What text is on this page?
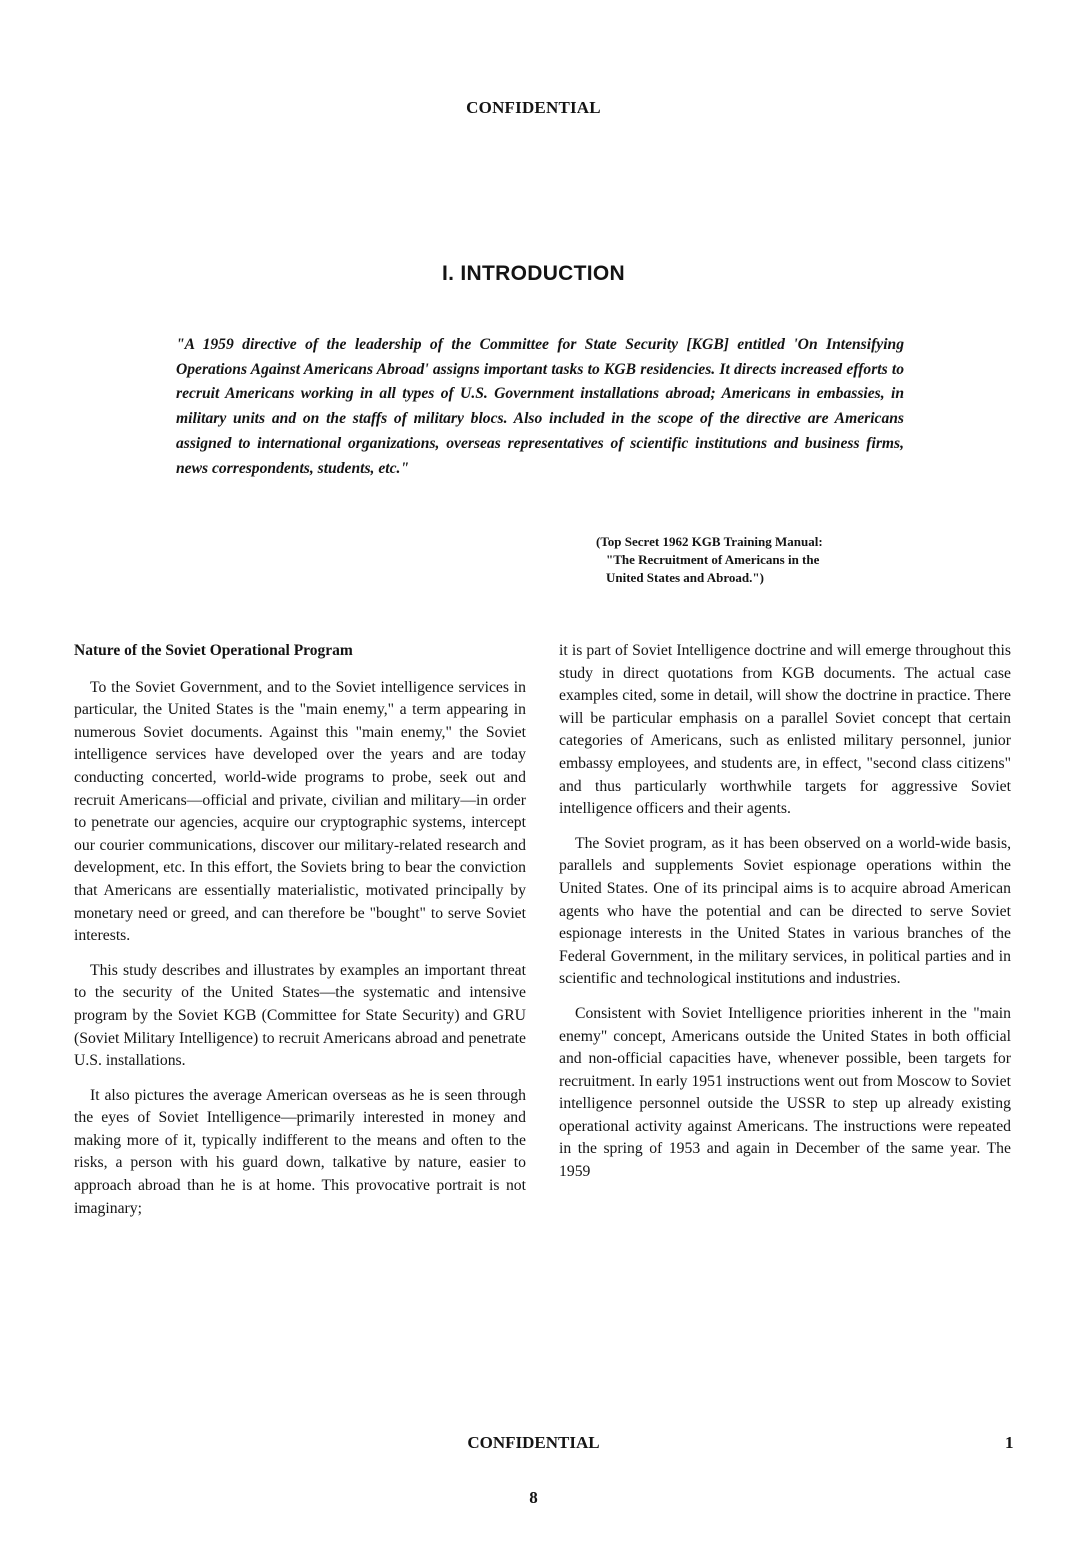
CONFIDENTIAL
I. INTRODUCTION

"A 1959 directive of the leadership of the Committee for State Security [KGB] entitled 'On Intensifying Operations Against Americans Abroad' assigns important tasks to KGB residencies. It directs increased efforts to recruit Americans working in all types of U.S. Government installations abroad; Americans in embassies, in military units and on the staffs of military blocs. Also included in the scope of the directive are Americans assigned to international organizations, overseas representatives of scientific institutions and business firms, news correspondents, students, etc."

(Top Secret 1962 KGB Training Manual:
"The Recruitment of Americans in the
United States and Abroad.")
Nature of the Soviet Operational Program

To the Soviet Government, and to the Soviet intelligence services in particular, the United States is the "main enemy," a term appearing in numerous Soviet documents. Against this "main enemy," the Soviet intelligence services have developed over the years and are today conducting concerted, world-wide programs to probe, seek out and recruit Americans—official and private, civilian and military—in order to penetrate our agencies, acquire our cryptographic systems, intercept our courier communications, discover our military-related research and development, etc. In this effort, the Soviets bring to bear the conviction that Americans are essentially materialistic, motivated principally by monetary need or greed, and can therefore be "bought" to serve Soviet interests.

This study describes and illustrates by examples an important threat to the security of the United States—the systematic and intensive program by the Soviet KGB (Committee for State Security) and GRU (Soviet Military Intelligence) to recruit Americans abroad and penetrate U.S. installations.

It also pictures the average American overseas as he is seen through the eyes of Soviet Intelligence—primarily interested in money and making more of it, typically indifferent to the means and often to the risks, a person with his guard down, talkative by nature, easier to approach abroad than he is at home. This provocative portrait is not imaginary;

it is part of Soviet Intelligence doctrine and will emerge throughout this study in direct quotations from KGB documents. The actual case examples cited, some in detail, will show the doctrine in practice. There will be particular emphasis on a parallel Soviet concept that certain categories of Americans, such as enlisted military personnel, junior embassy employees, and students are, in effect, "second class citizens" and thus particularly worthwhile targets for aggressive Soviet intelligence officers and their agents.

The Soviet program, as it has been observed on a world-wide basis, parallels and supplements Soviet espionage operations within the United States. One of its principal aims is to acquire abroad American agents who have the potential and can be directed to serve Soviet espionage interests in the United States in various branches of the Federal Government, in the military services, in political parties and in scientific and technological institutions and industries.

Consistent with Soviet Intelligence priorities inherent in the "main enemy" concept, Americans outside the United States in both official and non-official capacities have, whenever possible, been targets for recruitment. In early 1951 instructions went out from Moscow to Soviet intelligence personnel outside the USSR to step up already existing operational activity against Americans. The instructions were repeated in the spring of 1953 and again in December of the same year. The 1959

CONFIDENTIAL	1
8
